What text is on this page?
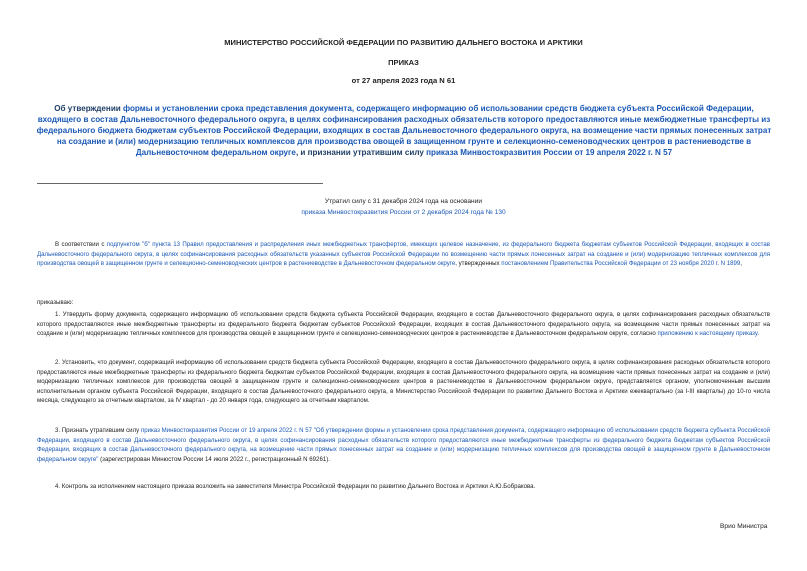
МИНИСТЕРСТВО РОССИЙСКОЙ ФЕДЕРАЦИИ ПО РАЗВИТИЮ ДАЛЬНЕГО ВОСТОКА И АРКТИКИ
ПРИКАЗ
от 27 апреля 2023 года N 61
Об утверждении формы и установлении срока представления документа, содержащего информацию об использовании средств бюджета субъекта Российской Федерации, входящего в состав Дальневосточного федерального округа, в целях софинансирования расходных обязательств которого предоставляются иные межбюджетные трансферты из федерального бюджета бюджетам субъектов Российской Федерации, входящих в состав Дальневосточного федерального округа, на возмещение части прямых понесенных затрат на создание и (или) модернизацию тепличных комплексов для производства овощей в защищенном грунте и селекционно-семеноводческих центров в растениеводстве в Дальневосточном федеральном округе, и признании утратившим силу приказа Минвостокразвития России от 19 апреля 2022 г. N 57
Утратил силу с 31 декабря 2024 года на основании
приказа Минвостокразвития России от 2 декабря 2024 года № 130
В соответствии с подпунктом "б" пункта 13 Правил предоставления и распределения иных межбюджетных трансфертов, имеющих целевое назначение, из федерального бюджета бюджетам субъектов Российской Федерации, входящих в состав Дальневосточного федерального округа, в целях софинансирования расходных обязательств указанных субъектов Российской Федерации по возмещению части прямых понесенных затрат на создание и (или) модернизацию тепличных комплексов для производства овощей в защищенном грунте и селекционно-семеноводческих центров в растениеводстве в Дальневосточном федеральном округе, утвержденных постановлением Правительства Российской Федерации от 23 ноября 2020 г. N 1899,
приказываю:
1. Утвердить форму документа, содержащего информацию об использовании средств бюджета субъекта Российской Федерации, входящего в состав Дальневосточного федерального округа, в целях софинансирования расходных обязательств которого предоставляются иные межбюджетные трансферты из федерального бюджета бюджетам субъектов Российской Федерации, входящих в состав Дальневосточного федерального округа, на возмещение части прямых понесенных затрат на создание и (или) модернизацию тепличных комплексов для производства овощей в защищенном грунте и селекционно-семеноводческих центров в растениеводстве в Дальневосточном федеральном округе, согласно приложению к настоящему приказу.
2. Установить, что документ, содержащий информацию об использовании средств бюджета субъекта Российской Федерации, входящего в состав Дальневосточного федерального округа, в целях софинансирования расходных обязательств которого предоставляются иные межбюджетные трансферты из федерального бюджета бюджетам субъектов Российской Федерации, входящих в состав Дальневосточного федерального округа, на возмещение части прямых понесенных затрат на создание и (или) модернизацию тепличных комплексов для производства овощей в защищенном грунте и селекционно-семеноводческих центров в растениеводстве в Дальневосточном федеральном округе, представляется органом, уполномоченным высшим исполнительным органом субъекта Российской Федерации, входящего в состав Дальневосточного федерального округа, в Министерство Российской Федерации по развитию Дальнего Востока и Арктики ежеквартально (за I-III кварталы) до 10-го числа месяца, следующего за отчетным кварталом, за IV квартал - до 20 января года, следующего за отчетным кварталом.
3. Признать утратившим силу приказ Минвостокразвития России от 19 апреля 2022 г. N 57 "Об утверждении формы и установлении срока представления документа, содержащего информацию об использовании средств бюджета субъекта Российской Федерации, входящего в состав Дальневосточного федерального округа, в целях софинансирования расходных обязательств которого предоставляются иные межбюджетные трансферты из федерального бюджета бюджетам субъектов Российской Федерации, входящих в состав Дальневосточного федерального округа, на возмещение части прямых понесенных затрат на создание и (или) модернизацию тепличных комплексов для производства овощей в защищенном грунте в Дальневосточном федеральном округе" (зарегистрирован Минюстом России 14 июля 2022 г., регистрационный N 69261).
4. Контроль за исполнением настоящего приказа возложить на заместителя Министра Российской Федерации по развитию Дальнего Востока и Арктики А.Ю.Бобракова.
Врио Министра
